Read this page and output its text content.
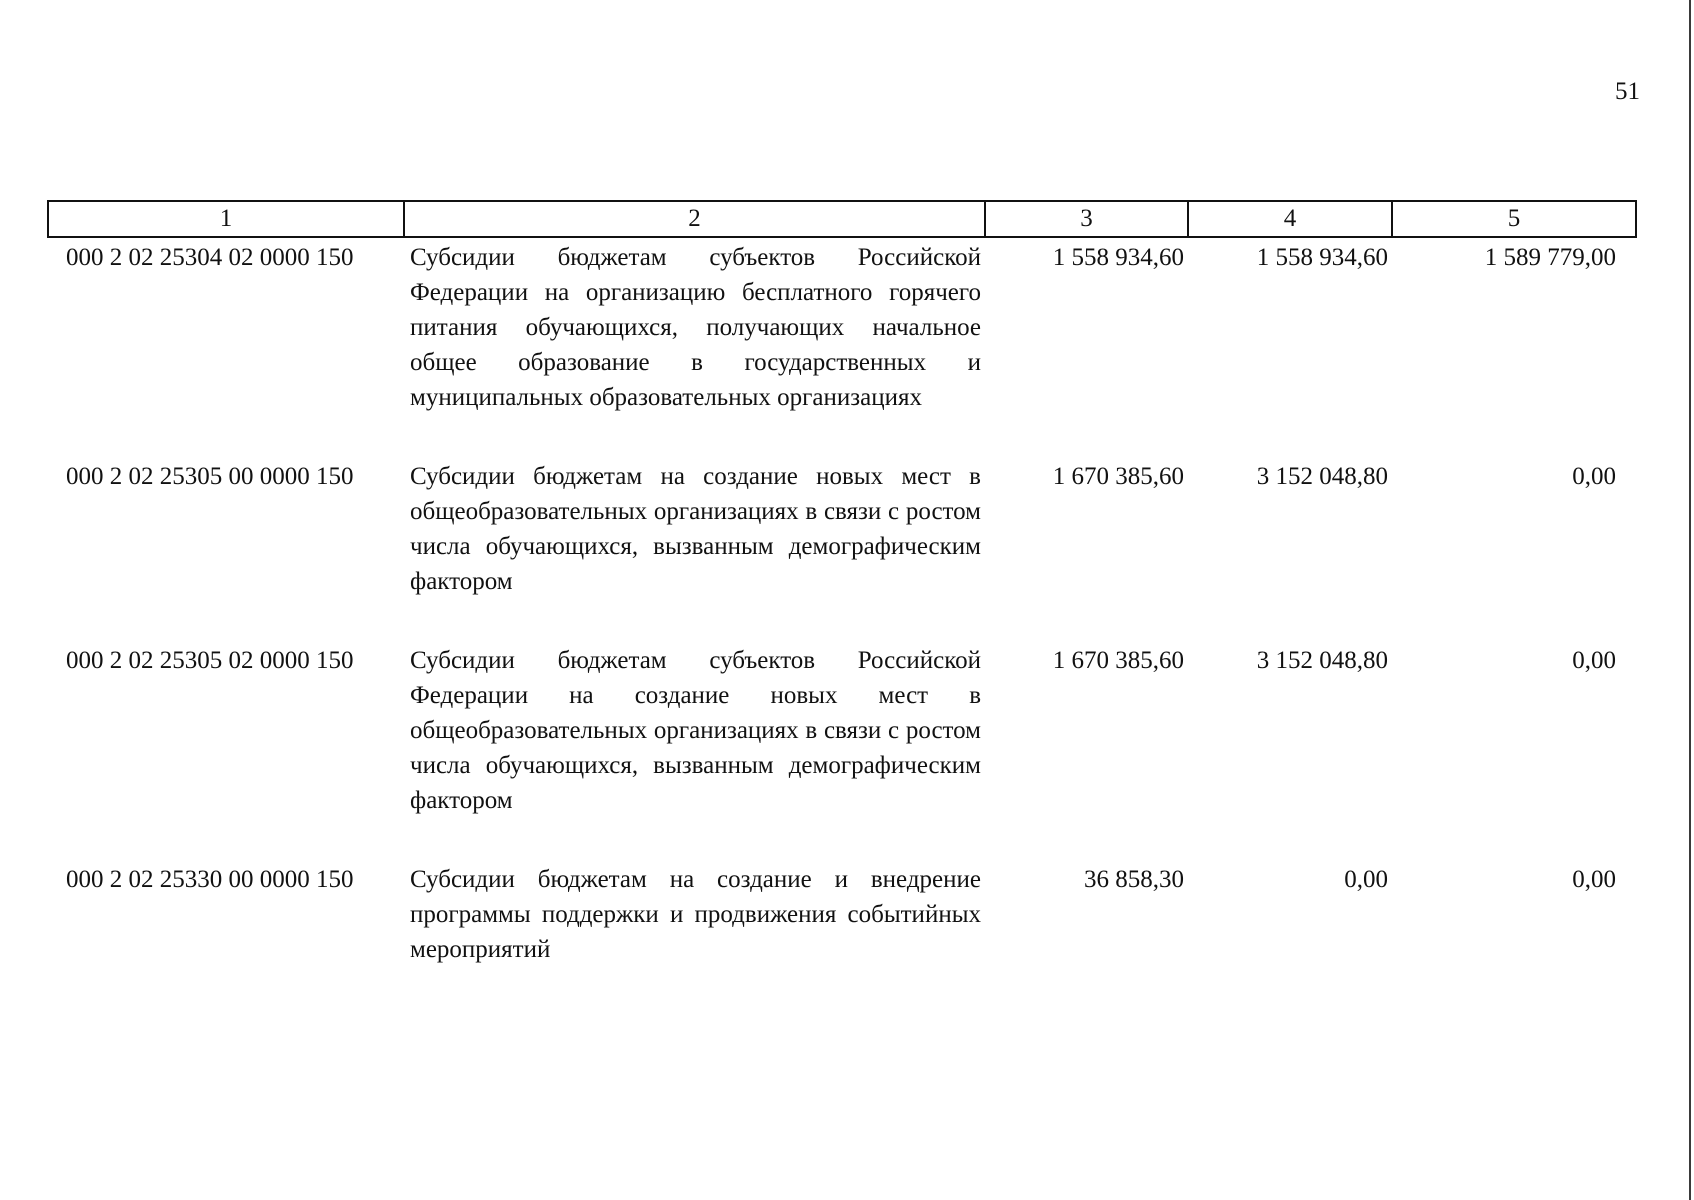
51
1	2	3	4	5
000 2 02 25304 02 0000 150	Субсидии бюджетам субъектов Российской Федерации на организацию бесплатного горячего питания обучающихся, получающих начальное общее образование в государственных и муниципальных образовательных организациях	1 558 934,60	1 558 934,60	1 589 779,00

000 2 02 25305 00 0000 150	Субсидии бюджетам на создание новых мест в общеобразовательных организациях в связи с ростом числа обучающихся, вызванным демографическим фактором	1 670 385,60	3 152 048,80	0,00

000 2 02 25305 02 0000 150	Субсидии бюджетам субъектов Российской Федерации на создание новых мест в общеобразовательных организациях в связи с ростом числа обучающихся, вызванным демографическим фактором	1 670 385,60	3 152 048,80	0,00

000 2 02 25330 00 0000 150	Субсидии бюджетам на создание и внедрение программы поддержки и продвижения событийных мероприятий	36 858,30	0,00	0,00
